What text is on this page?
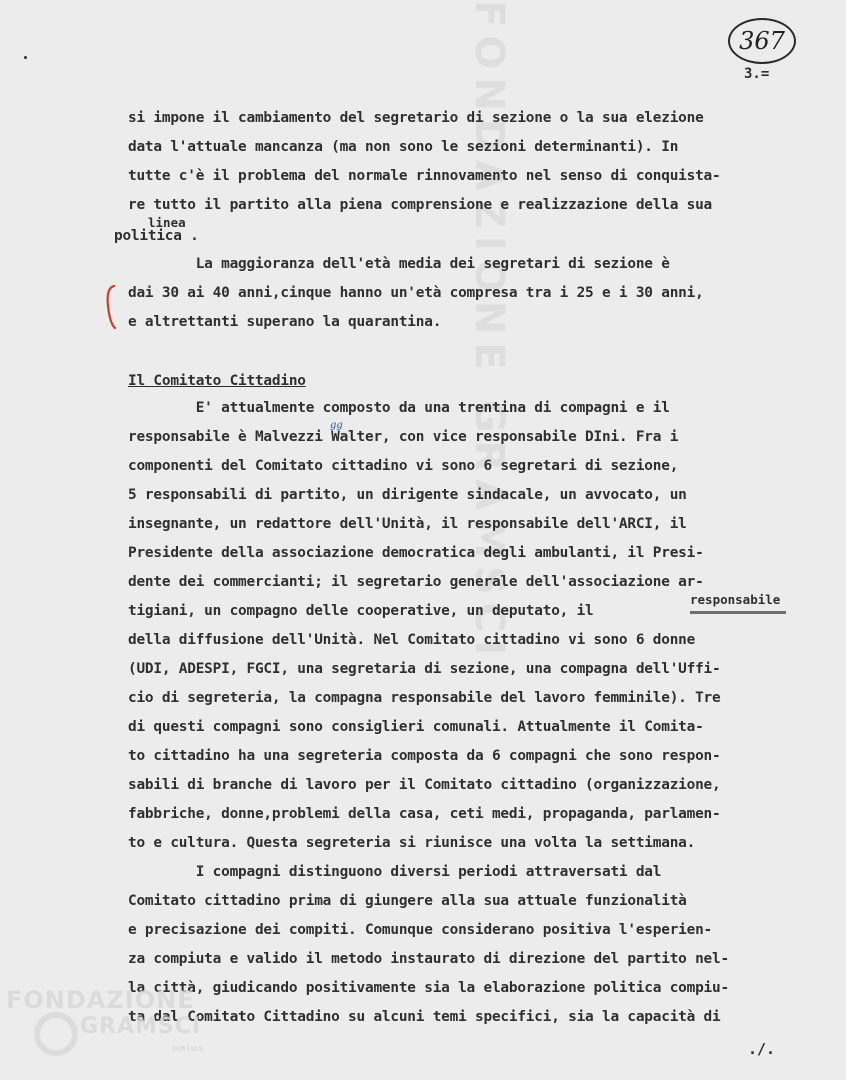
FONDAZIONE GRAMSCI	367
3.=
si impone il cambiamento del segretario di sezione o la sua elezione
data l'attuale mancanza (ma non sono le sezioni determinanti). In
tutte c'è il problema del normale rinnovamento nel senso di conquista-
re tutto il partito alla piena comprensione e realizzazione della sua
linea
politica .
La maggioranza dell'età media dei segretari di sezione è
dai 30 ai 40 anni,cinque hanno un'età compresa tra i 25 e i 30 anni,
e altrettanti superano la quarantina.
Il Comitato Cittadino
E' attualmente composto da una trentina di compagni e il
gg
responsabile è Malvezzi Walter, con vice responsabile DIni. Fra i
componenti del Comitato cittadino vi sono 6 segretari di sezione,
5 responsabili di partito, un dirigente sindacale, un avvocato, un
insegnante, un redattore dell'Unità, il responsabile dell'ARCI, il
Presidente della associazione democratica degli ambulanti, il Presi-
dente dei commercianti; il segretario generale dell'associazione ar-
tigiani, un compagno delle cooperative, un deputato, il
responsabile
della diffusione dell'Unità. Nel Comitato cittadino vi sono 6 donne
(UDI, ADESPI, FGCI, una segretaria di sezione, una compagna dell'Uffi-
cio di segreteria, la compagna responsabile del lavoro femminile). Tre
di questi compagni sono consiglieri comunali. Attualmente il Comita-
to cittadino ha una segreteria composta da 6 compagni che sono respon-
sabili di branche di lavoro per il Comitato cittadino (organizzazione,
fabbriche, donne,problemi della casa, ceti medi, propaganda, parlamen-
to e cultura. Questa segreteria si riunisce una volta la settimana.
I compagni distinguono diversi periodi attraversati dal
Comitato cittadino prima di giungere alla sua attuale funzionalità
e precisazione dei compiti. Comunque considerano positiva l'esperien-
za compiuta e valido il metodo instaurato di direzione del partito nel-
la città, giudicando positivamente sia la elaborazione politica compiu-
ta dal Comitato Cittadino su alcuni temi specifici, sia la capacità di
./.
FONDAZIONE
GRAMSCI
onlus
